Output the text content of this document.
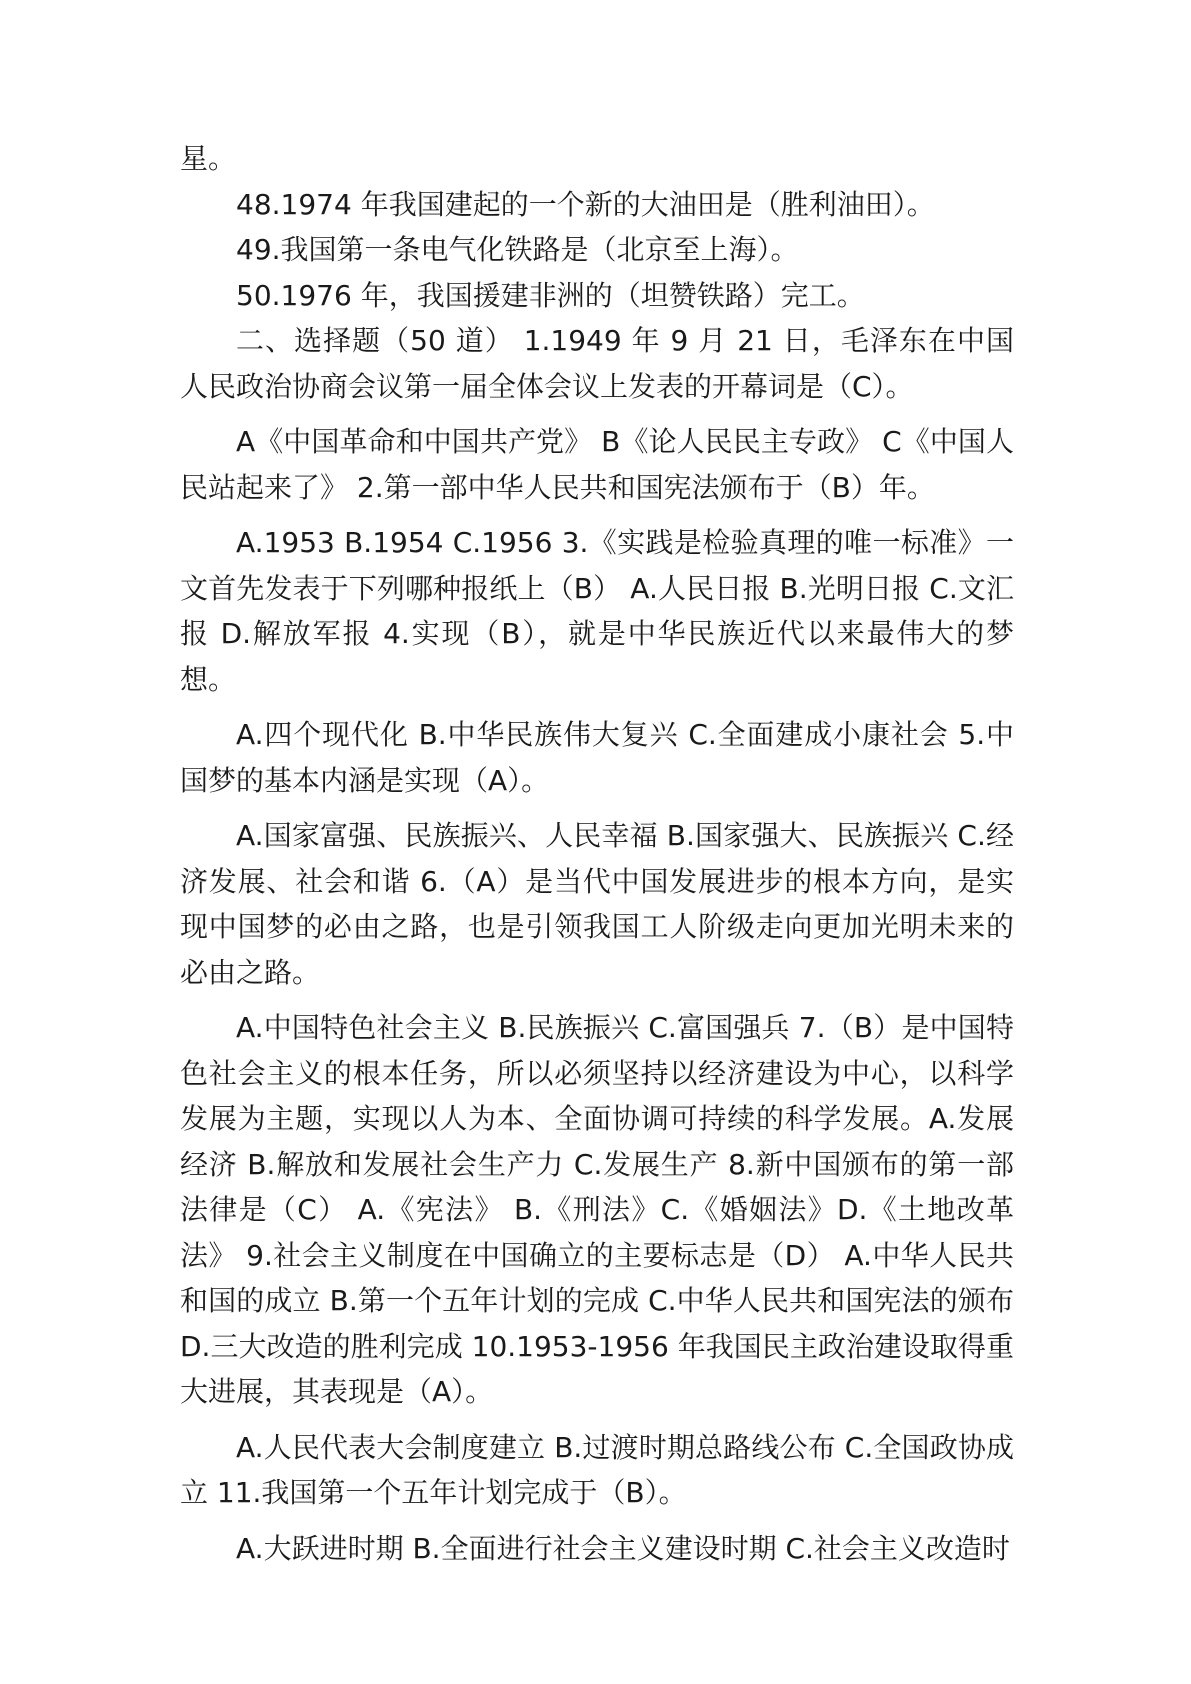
星。

48.1974 年我国建起的一个新的大油田是（胜利油田）。

49.我国第一条电气化铁路是（北京至上海）。

50.1976 年，我国援建非洲的（坦赞铁路）完工。

二、选择题（50 道） 1.1949 年 9 月 21 日，毛泽东在中国人民政治协商会议第一届全体会议上发表的开幕词是（C）。

A《中国革命和中国共产党》 B《论人民民主专政》 C《中国人民站起来了》 2.第一部中华人民共和国宪法颁布于（B）年。

A.1953 B.1954 C.1956 3.《实践是检验真理的唯一标准》一文首先发表于下列哪种报纸上（B） A.人民日报 B.光明日报 C.文汇报 D.解放军报 4.实现（B），就是中华民族近代以来最伟大的梦想。

A.四个现代化 B.中华民族伟大复兴 C.全面建成小康社会 5.中国梦的基本内涵是实现（A）。

A.国家富强、民族振兴、人民幸福 B.国家强大、民族振兴 C.经济发展、社会和谐 6.（A）是当代中国发展进步的根本方向，是实现中国梦的必由之路，也是引领我国工人阶级走向更加光明未来的必由之路。

A.中国特色社会主义 B.民族振兴 C.富国强兵 7.（B）是中国特色社会主义的根本任务，所以必须坚持以经济建设为中心，以科学发展为主题，实现以人为本、全面协调可持续的科学发展。A.发展经济 B.解放和发展社会生产力 C.发展生产 8.新中国颁布的第一部法律是（C） A.《宪法》 B.《刑法》C.《婚姻法》D.《土地改革法》 9.社会主义制度在中国确立的主要标志是（D） A.中华人民共和国的成立 B.第一个五年计划的完成 C.中华人民共和国宪法的颁布 D.三大改造的胜利完成 10.1953-1956 年我国民主政治建设取得重大进展，其表现是（A）。

A.人民代表大会制度建立 B.过渡时期总路线公布 C.全国政协成立 11.我国第一个五年计划完成于（B）。

A.大跃进时期 B.全面进行社会主义建设时期 C.社会主义改造时
